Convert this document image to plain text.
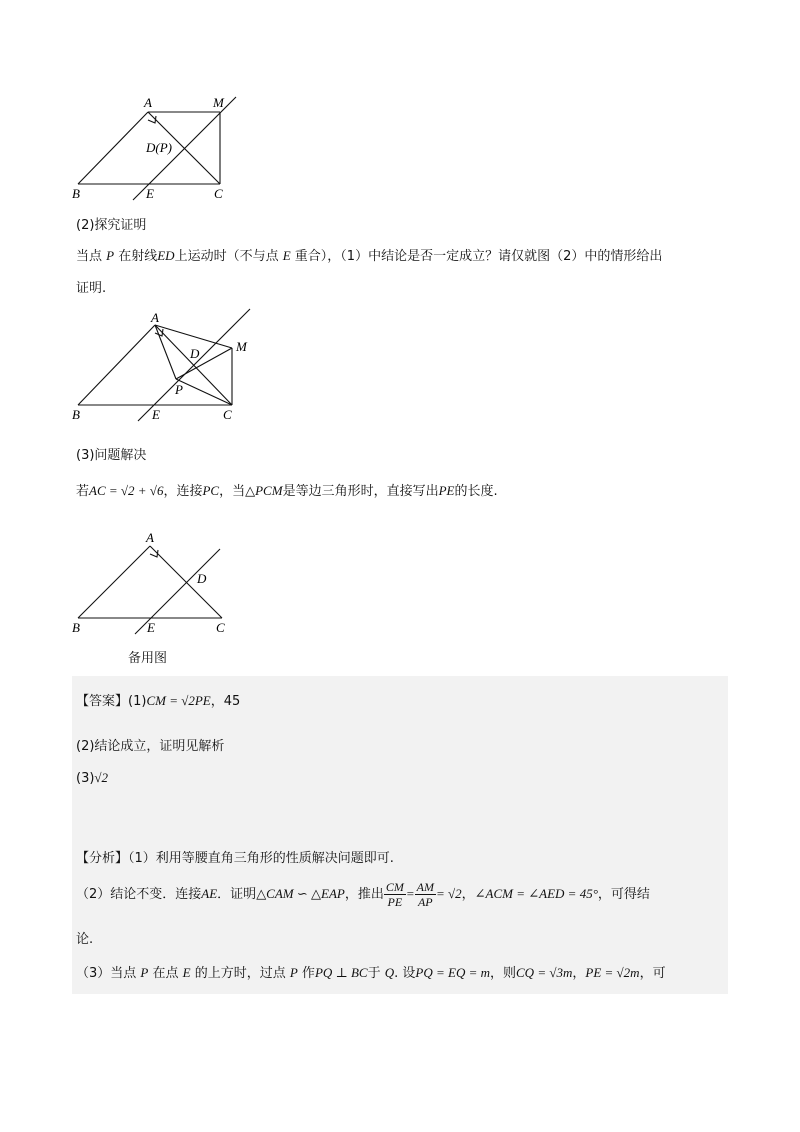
A	M
D(P)
B	E	C
(2)探究证明
当点 P 在射线ED上运动时（不与点 E 重合），（1）中结论是否一定成立？请仅就图（2）中的情形给出
证明.
A
D	M
P
B	E	C
(3)问题解决
若AC = √2 + √6，连接PC，当△PCM是等边三角形时，直接写出PE的长度.
A
D
B	E	C
备用图
【答案】(1)CM = √2PE，45
(2)结论成立，证明见解析
(3)√2
【分析】（1）利用等腰直角三角形的性质解决问题即可.
（2）结论不变．连接AE．证明△CAM ∽ △EAP，推出 $\frac{CM}{PE} = \frac{AM}{AP} = √2$，∠ACM = ∠AED = 45°，可得结
论.
（3）当点 P 在点 E 的上方时，过点 P 作PQ ⊥ BC于 Q. 设PQ = EQ = m，则CQ = √3m，PE = √2m，可
